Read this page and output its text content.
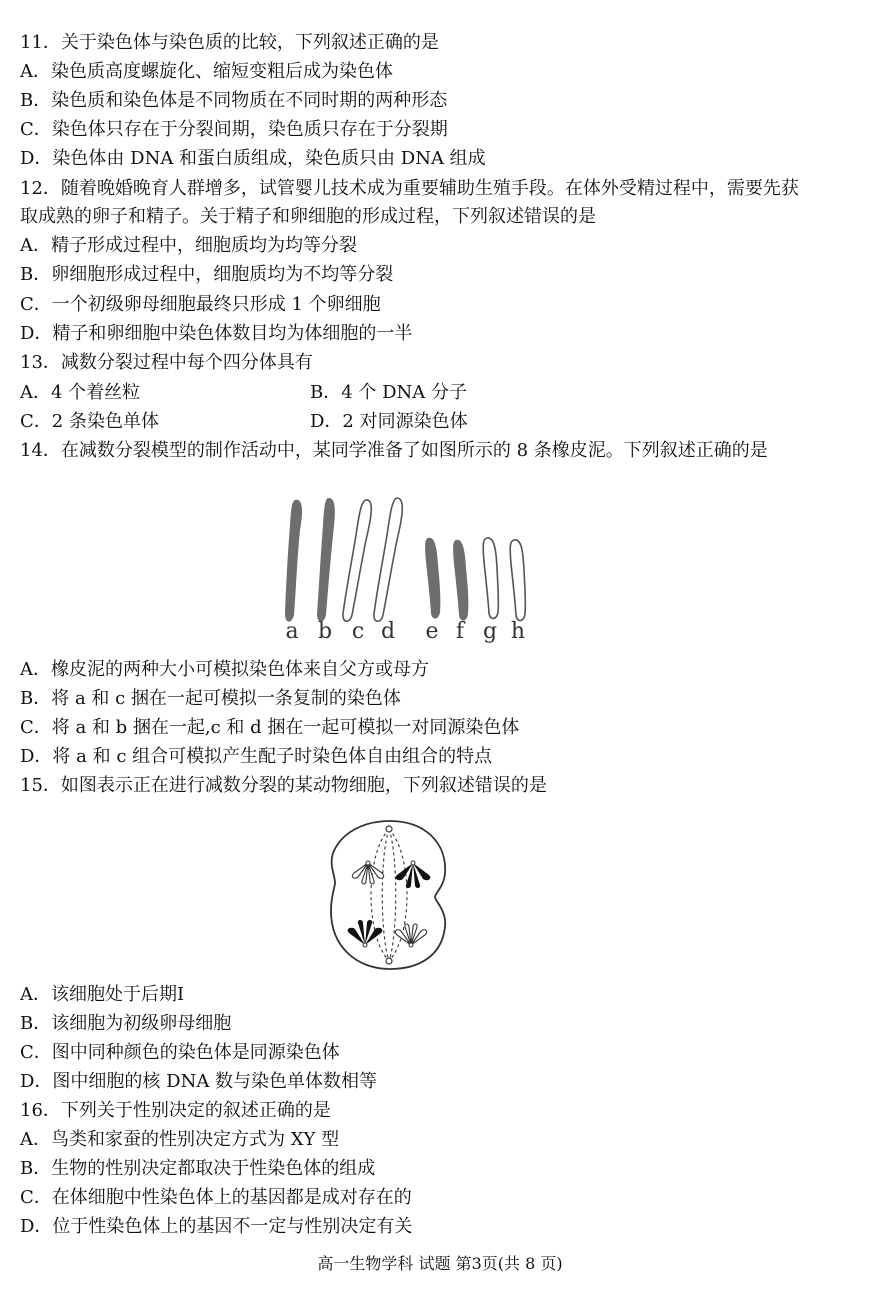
11．关于染色体与染色质的比较，下列叙述正确的是
A．染色质高度螺旋化、缩短变粗后成为染色体
B．染色质和染色体是不同物质在不同时期的两种形态
C．染色体只存在于分裂间期，染色质只存在于分裂期
D．染色体由 DNA 和蛋白质组成，染色质只由 DNA 组成
12．随着晚婚晚育人群增多，试管婴儿技术成为重要辅助生殖手段。在体外受精过程中，需要先获
取成熟的卵子和精子。关于精子和卵细胞的形成过程，下列叙述错误的是
A．精子形成过程中，细胞质均为均等分裂
B．卵细胞形成过程中，细胞质均为不均等分裂
C．一个初级卵母细胞最终只形成 1 个卵细胞
D．精子和卵细胞中染色体数目均为体细胞的一半
13．减数分裂过程中每个四分体具有
A．4 个着丝粒	B．4 个 DNA 分子
C．2 条染色单体	D．2 对同源染色体
14．在减数分裂模型的制作活动中，某同学准备了如图所示的 8 条橡皮泥。下列叙述正确的是
a b c d e f g h
A．橡皮泥的两种大小可模拟染色体来自父方或母方
B．将 a 和 c 捆在一起可模拟一条复制的染色体
C．将 a 和 b 捆在一起,c 和 d 捆在一起可模拟一对同源染色体
D．将 a 和 c 组合可模拟产生配子时染色体自由组合的特点
15．如图表示正在进行减数分裂的某动物细胞，下列叙述错误的是
A．该细胞处于后期Ⅰ
B．该细胞为初级卵母细胞
C．图中同种颜色的染色体是同源染色体
D．图中细胞的核 DNA 数与染色单体数相等
16．下列关于性别决定的叙述正确的是
A．鸟类和家蚕的性别决定方式为 XY 型
B．生物的性别决定都取决于性染色体的组成
C．在体细胞中性染色体上的基因都是成对存在的
D．位于性染色体上的基因不一定与性别决定有关
高一生物学科 试题 第3页(共 8 页)
